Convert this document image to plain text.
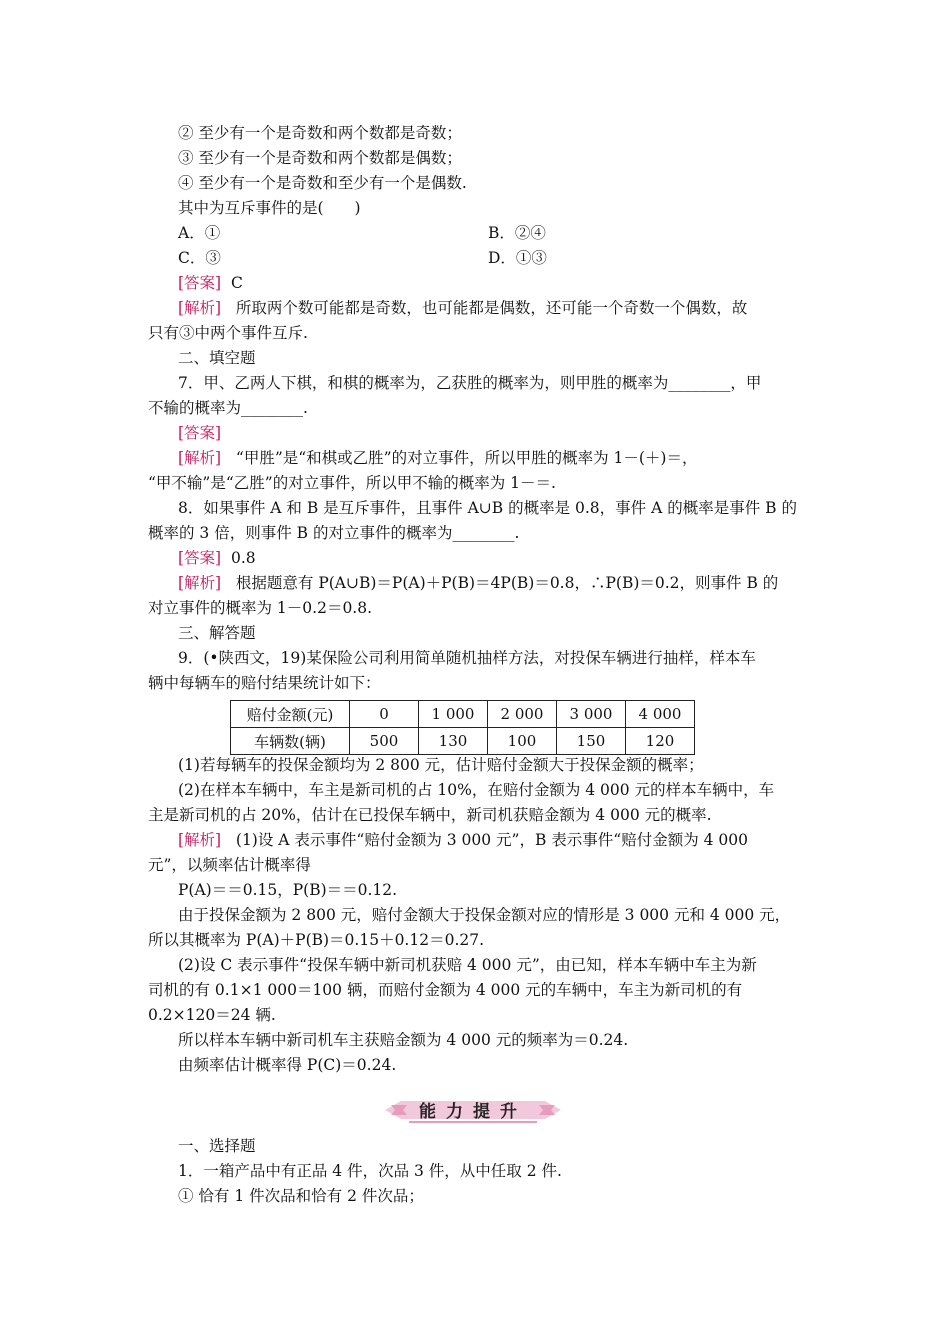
② 至少有一个是奇数和两个数都是奇数；
③ 至少有一个是奇数和两个数都是偶数；
④ 至少有一个是奇数和至少有一个是偶数.
其中为互斥事件的是(　　)
A．①	B．②④
C．③	D．①③
[答案] C
[解析] 所取两个数可能都是奇数，也可能都是偶数，还可能一个奇数一个偶数，故
只有③中两个事件互斥.
二、填空题
7．甲、乙两人下棋，和棋的概率为，乙获胜的概率为，则甲胜的概率为________，甲
不输的概率为________.
[答案]
[解析] “甲胜”是“和棋或乙胜”的对立事件，所以甲胜的概率为 1－(＋)＝，
“甲不输”是“乙胜”的对立事件，所以甲不输的概率为 1－＝.
8．如果事件 A 和 B 是互斥事件，且事件 A∪B 的概率是 0.8，事件 A 的概率是事件 B 的
概率的 3 倍，则事件 B 的对立事件的概率为________.
[答案] 0.8
[解析] 根据题意有 P(A∪B)＝P(A)＋P(B)＝4P(B)＝0.8，∴P(B)＝0.2，则事件 B 的
对立事件的概率为 1－0.2＝0.8.
三、解答题
9．(•陕西文，19)某保险公司利用简单随机抽样方法，对投保车辆进行抽样，样本车
辆中每辆车的赔付结果统计如下：
赔付金额(元)	0	1 000	2 000	3 000	4 000
车辆数(辆)	500	130	100	150	120
(1)若每辆车的投保金额均为 2 800 元，估计赔付金额大于投保金额的概率；
(2)在样本车辆中，车主是新司机的占 10%，在赔付金额为 4 000 元的样本车辆中，车
主是新司机的占 20%，估计在已投保车辆中，新司机获赔金额为 4 000 元的概率.
[解析] (1)设 A 表示事件“赔付金额为 3 000 元”，B 表示事件“赔付金额为 4 000
元”，以频率估计概率得
P(A)＝＝0.15，P(B)＝＝0.12.
由于投保金额为 2 800 元，赔付金额大于投保金额对应的情形是 3 000 元和 4 000 元，
所以其概率为 P(A)＋P(B)＝0.15＋0.12＝0.27.
(2)设 C 表示事件“投保车辆中新司机获赔 4 000 元”，由已知，样本车辆中车主为新
司机的有 0.1×1 000＝100 辆，而赔付金额为 4 000 元的车辆中，车主为新司机的有
0.2×120＝24 辆.
所以样本车辆中新司机车主获赔金额为 4 000 元的频率为＝0.24.
由频率估计概率得 P(C)＝0.24.
能力提升
一、选择题
1．一箱产品中有正品 4 件，次品 3 件，从中任取 2 件.
① 恰有 1 件次品和恰有 2 件次品；
